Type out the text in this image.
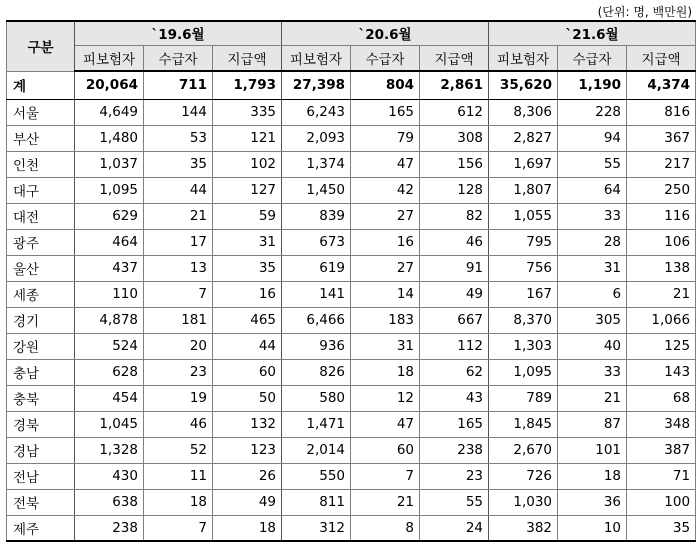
(단위: 명, 백만원)
구분	`19.6월			`20.6월			`21.6월		
	피보험자	수급자	지급액	피보험자	수급자	지급액	피보험자	수급자	지급액
계	20,064	711	1,793	27,398	804	2,861	35,620	1,190	4,374
서울	4,649	144	335	6,243	165	612	8,306	228	816
부산	1,480	53	121	2,093	79	308	2,827	94	367
인천	1,037	35	102	1,374	47	156	1,697	55	217
대구	1,095	44	127	1,450	42	128	1,807	64	250
대전	629	21	59	839	27	82	1,055	33	116
광주	464	17	31	673	16	46	795	28	106
울산	437	13	35	619	27	91	756	31	138
세종	110	7	16	141	14	49	167	6	21
경기	4,878	181	465	6,466	183	667	8,370	305	1,066
강원	524	20	44	936	31	112	1,303	40	125
충남	628	23	60	826	18	62	1,095	33	143
충북	454	19	50	580	12	43	789	21	68
경북	1,045	46	132	1,471	47	165	1,845	87	348
경남	1,328	52	123	2,014	60	238	2,670	101	387
전남	430	11	26	550	7	23	726	18	71
전북	638	18	49	811	21	55	1,030	36	100
제주	238	7	18	312	8	24	382	10	35
